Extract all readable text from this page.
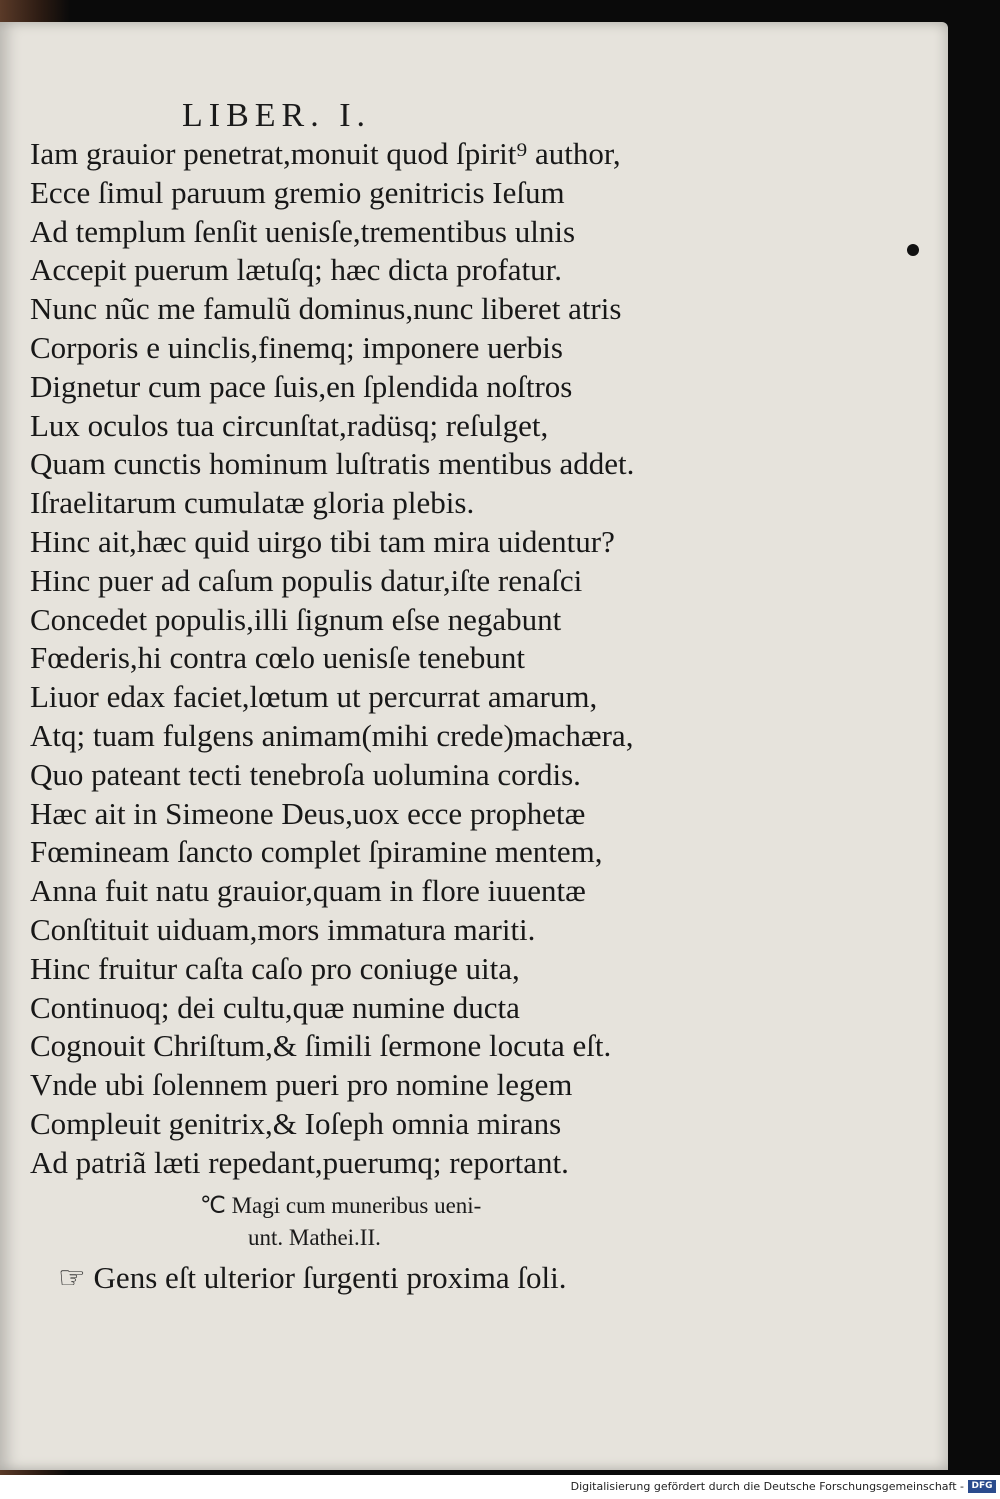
LIBER. I.
Iam grauior penetrat,monuit quod ſpirit⁹ author,
Ecce ſimul paruum gremio genitricis Ieſum
Ad templum ſenſit uenisſe,trementibus ulnis
Accepit puerum lætuſq; hæc dicta profatur.
Nunc nũc me famulũ dominus,nunc liberet atris
Corporis e uinclis,finemq; imponere uerbis
Dignetur cum pace ſuis,en ſplendida noſtros
Lux oculos tua circunſtat,radüsq; reſulget,
Quam cunctis hominum luſtratis mentibus addet.
Iſraelitarum cumulatæ gloria plebis.
Hinc ait,hæc quid uirgo tibi tam mira uidentur?
Hinc puer ad caſum populis datur,iſte renaſci
Concedet populis,illi ſignum eſse negabunt
Fœderis,hi contra cœlo uenisſe tenebunt
Liuor edax faciet,lœtum ut percurrat amarum,
Atq; tuam fulgens animam(mihi crede)machæra,
Quo pateant tecti tenebroſa uolumina cordis.
Hæc ait in Simeone Deus,uox ecce prophetæ
Fœmineam ſancto complet ſpiramine mentem,
Anna fuit natu grauior,quam in flore iuuentæ
Conſtituit uiduam,mors immatura mariti.
Hinc fruitur caſta caſo pro coniuge uita,
Continuoq; dei cultu,quæ numine ducta
Cognouit Chriſtum,& ſimili ſermone locuta eſt.
Vnde ubi ſolennem pueri pro nomine legem
Compleuit genitrix,& Ioſeph omnia mirans
Ad patriã læti repedant,puerumq; reportant.
℃ Magi cum muneribus ueni-
unt. Mathei.II.
☞ Gens eſt ulterior ſurgenti proxima ſoli.
Digitalisierung gefördert durch die Deutsche Forschungsgemeinschaft - DFG
